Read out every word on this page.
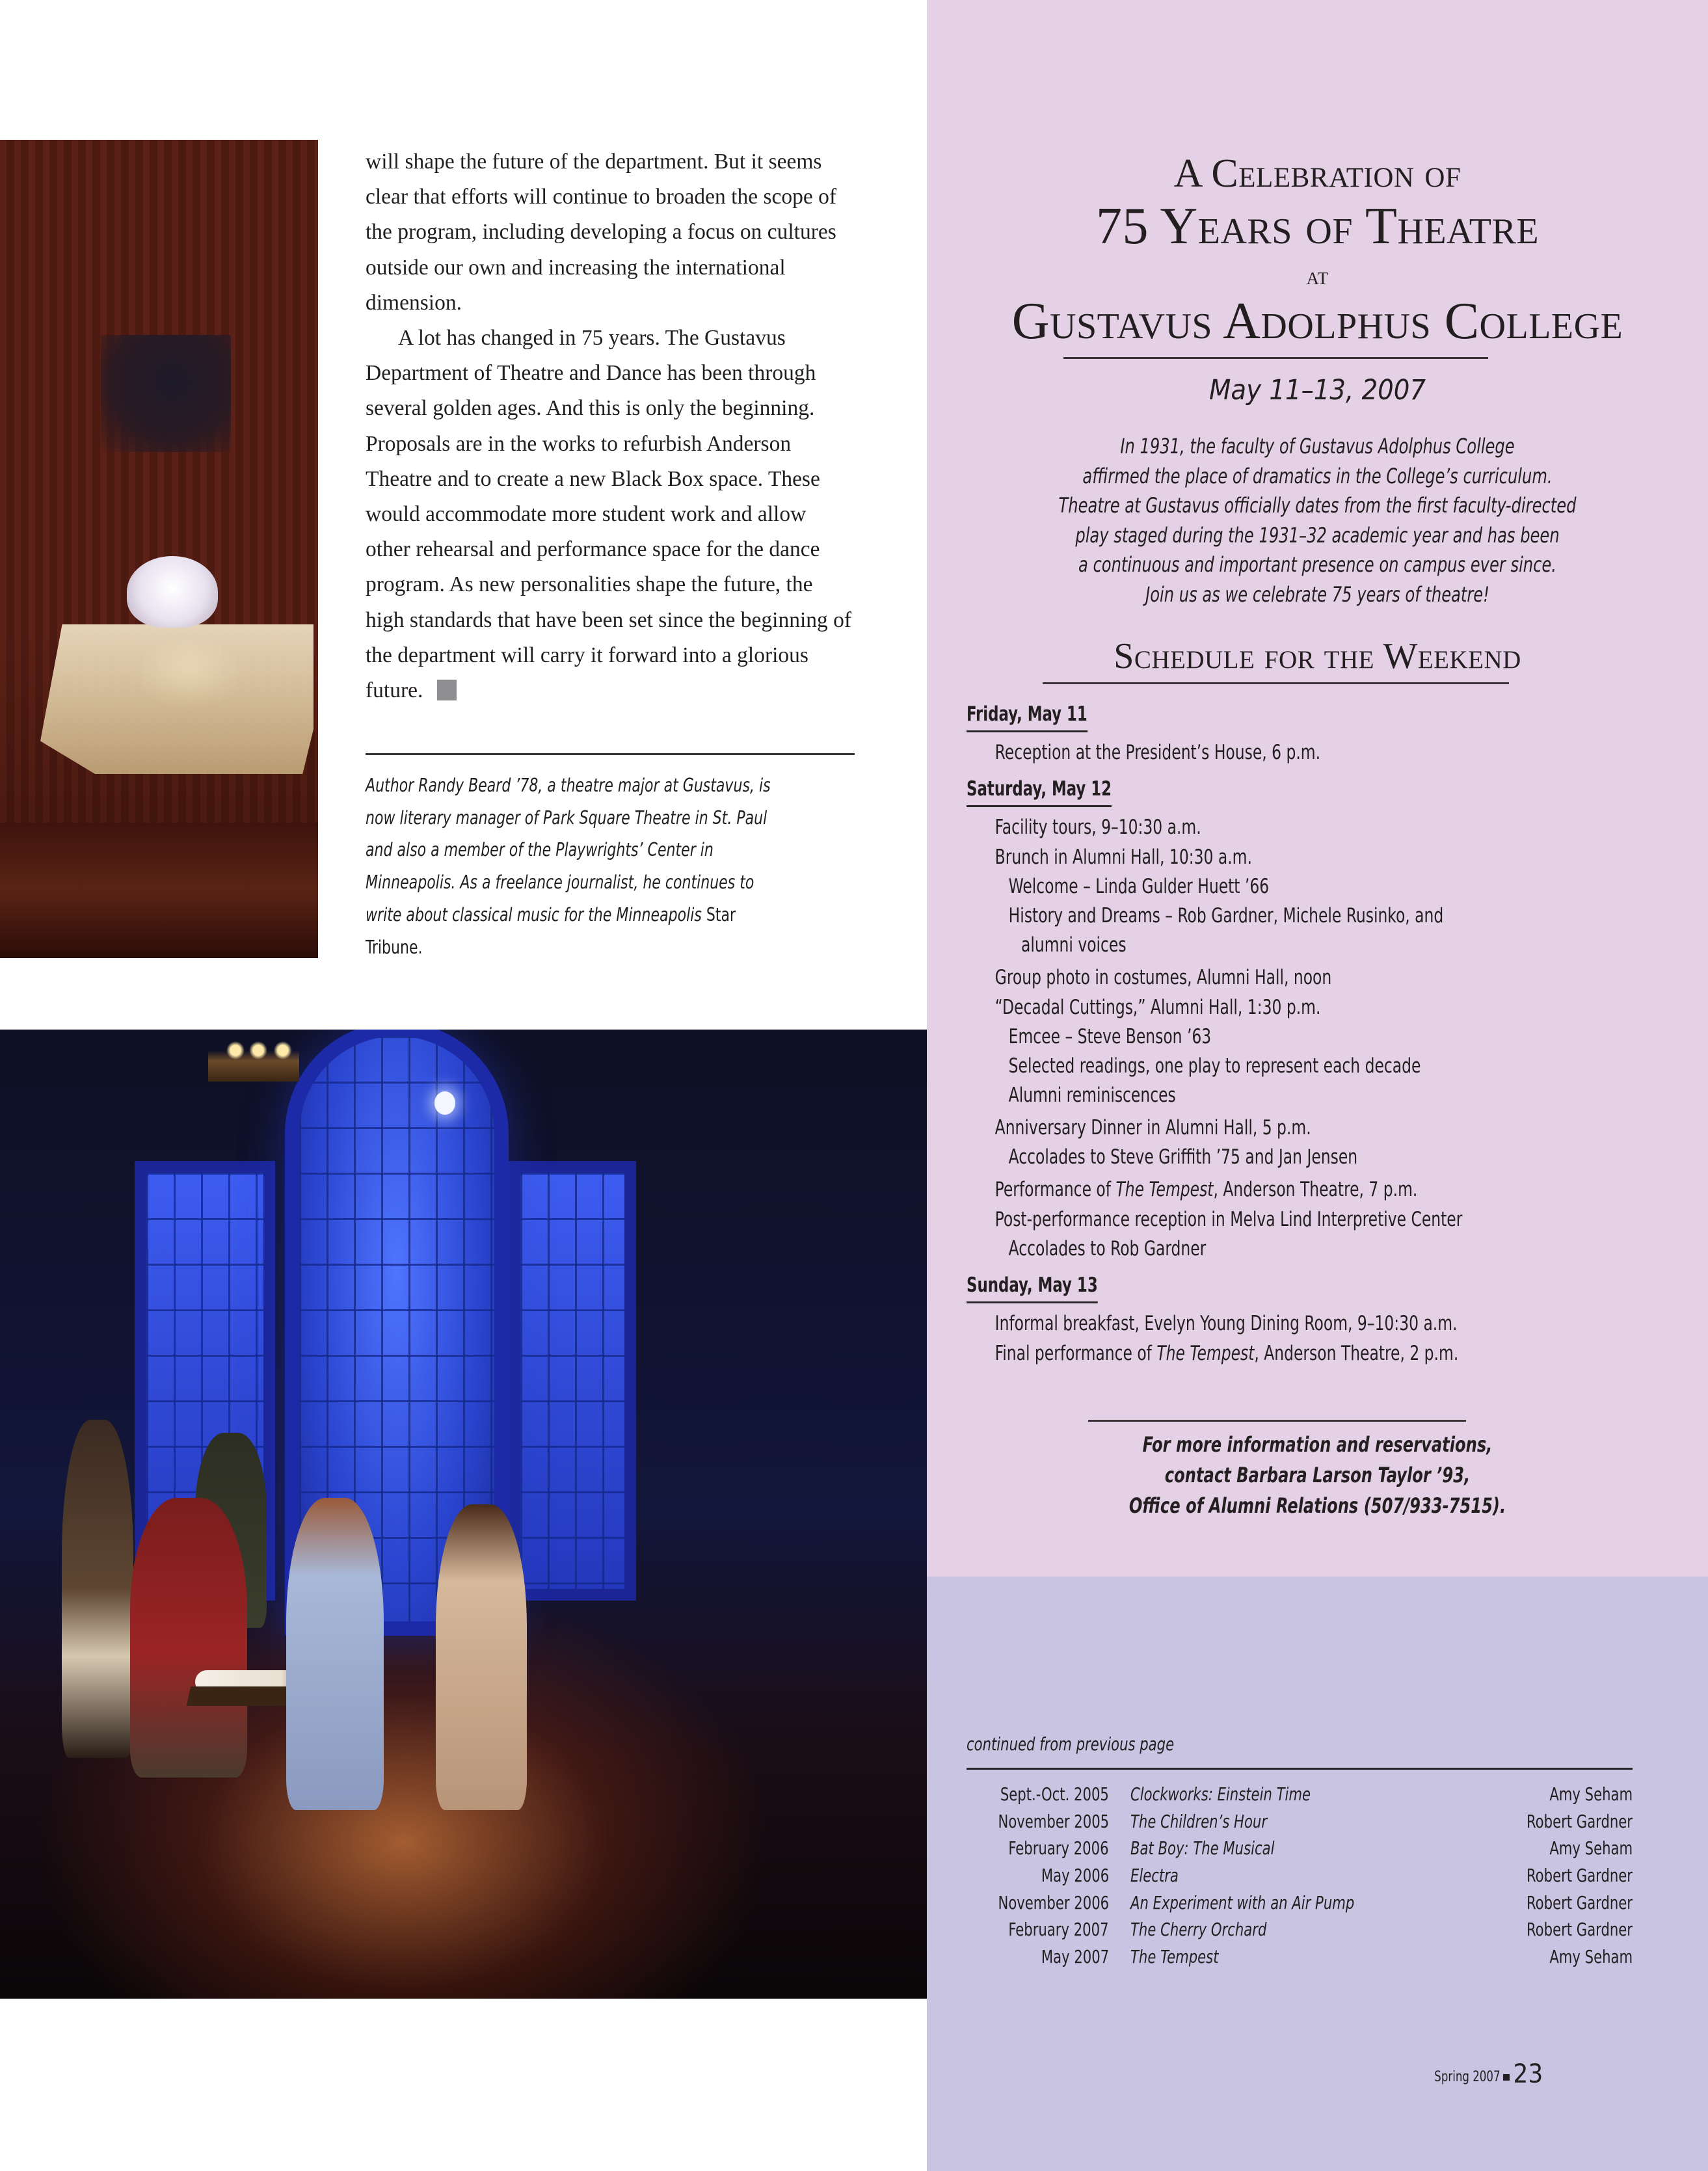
will shape the future of the department. But it seems clear that efforts will continue to broaden the scope of the program, including developing a focus on cultures outside our own and increasing the international dimension.

A lot has changed in 75 years. The Gustavus Department of Theatre and Dance has been through several golden ages. And this is only the beginning. Proposals are in the works to refurbish Anderson Theatre and to create a new Black Box space. These would accommodate more student work and allow other rehearsal and performance space for the dance program. As new personalities shape the future, the high standards that have been set since the beginning of the department will carry it forward into a glorious future. G

Author Randy Beard ’78, a theatre major at Gustavus, is now literary manager of Park Square Theatre in St. Paul and also a member of the Playwrights’ Center in Minneapolis. As a freelance journalist, he continues to write about classical music for the Minneapolis Star Tribune.
A Celebration of
75 Years of Theatre
at
Gustavus Adolphus College
May 11–13, 2007
In 1931, the faculty of Gustavus Adolphus College
affirmed the place of dramatics in the College’s curriculum.
Theatre at Gustavus officially dates from the first faculty-directed
play staged during the 1931–32 academic year and has been
a continuous and important presence on campus ever since.
Join us as we celebrate 75 years of theatre!
Schedule for the Weekend
Friday, May 11
Reception at the President’s House, 6 p.m.
Saturday, May 12
Facility tours, 9–10:30 a.m.
Brunch in Alumni Hall, 10:30 a.m.
Welcome – Linda Gulder Huett ’66
History and Dreams – Rob Gardner, Michele Rusinko, and
alumni voices
Group photo in costumes, Alumni Hall, noon
“Decadal Cuttings,” Alumni Hall, 1:30 p.m.
Emcee – Steve Benson ’63
Selected readings, one play to represent each decade
Alumni reminiscences
Anniversary Dinner in Alumni Hall, 5 p.m.
Accolades to Steve Griffith ’75 and Jan Jensen
Performance of The Tempest, Anderson Theatre, 7 p.m.
Post-performance reception in Melva Lind Interpretive Center
Accolades to Rob Gardner
Sunday, May 13
Informal breakfast, Evelyn Young Dining Room, 9–10:30 a.m.
Final performance of The Tempest, Anderson Theatre, 2 p.m.
For more information and reservations,
contact Barbara Larson Taylor ’93,
Office of Alumni Relations (507/933-7515).
continued from previous page
Sept.-Oct. 2005 Clockworks: Einstein Time	Amy Seham
November 2005 The Children’s Hour	Robert Gardner
February 2006 Bat Boy: The Musical	Amy Seham
May 2006 Electra	Robert Gardner
November 2006 An Experiment with an Air Pump	Robert Gardner
February 2007 The Cherry Orchard	Robert Gardner
May 2007 The Tempest	Amy Seham
Spring 2007 23
